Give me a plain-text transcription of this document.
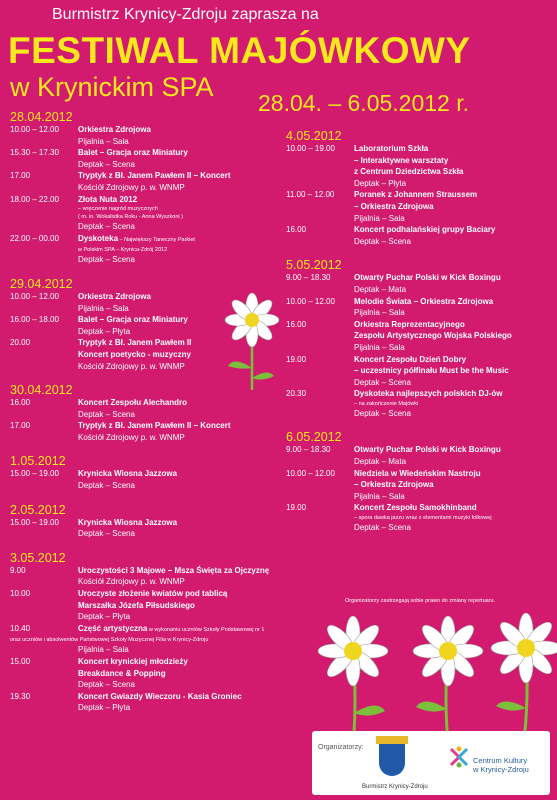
Burmistrz Krynicy-Zdroju zaprasza na
FESTIWAL MAJÓWKOWY
w Krynickim SPA
28.04. – 6.05.2012 r.
28.04.2012
10.00 – 12.00	Orkiestra Zdrojowa
Pijalnia – Sala
15.30 – 17.30	Balet – Gracja oraz Miniatury
Deptak – Scena
17.00	Tryptyk z Bł. Janem Pawłem II – Koncert
Kościół Zdrojowy p. w. WNMP
18.00 – 22.00	Złota Nuta 2012
– wręczenie nagród muzycznych
( m. in. Wokalistka Roku - Anna Wyszkoni )
Deptak – Scena
22.00 – 00.00	Dyskoteka – Największy Taneczny Parkiet
w Polskim SPA – Krynica-Zdrój 2012
Deptak – Scena
29.04.2012
10.00 – 12.00	Orkiestra Zdrojowa
Pijalnia – Sala
16.00 – 18.00	Balet – Gracja oraz Miniatury
Deptak – Płyta
20.00	Tryptyk z Bł. Janem Pawłem II
Koncert poetycko - muzyczny
Kościół Zdrojowy p. w. WNMP
30.04.2012
16.00	Koncert Zespołu Alechandro
Deptak – Scena
17.00	Tryptyk z Bł. Janem Pawłem II – Koncert
Kościół Zdrojowy p. w. WNMP
1.05.2012
15.00 – 19.00	Krynicka Wiosna Jazzowa
Deptak – Scena
2.05.2012
15.00 – 19.00	Krynicka Wiosna Jazzowa
Deptak – Scena
3.05.2012
9.00	Uroczystości 3 Majowe – Msza Święta za Ojczyznę
Kościół Zdrojowy p. w. WNMP
10.00	Uroczyste złożenie kwiatów pod tablicą
Marszałka Józefa Piłsudskiego
Deptak – Płyta
10.40	Część artystyczna w wykonaniu uczniów Szkoły Podstawowej nr 1
oraz uczniów i absolwentów Państwowej Szkoły Muzycznej Filia w Krynicy-Zdroju
Pijalnia – Sala
15.00	Koncert krynickiej młodzieży
Breakdance & Popping
Deptak – Scena
19.30	Koncert Gwiazdy Wieczoru - Kasia Groniec
Deptak – Płyta
4.05.2012
10.00 – 19.00	Laboratorium Szkła
– Interaktywne warsztaty
z Centrum Dziedzictwa Szkła
Deptak – Płyta
11.00 – 12.00	Poranek z Johannem Straussem
– Orkiestra Zdrojowa
Pijalnia – Sala
16.00	Koncert podhalańskiej grupy Baciary
Deptak – Scena
5.05.2012
9.00 – 18.30	Otwarty Puchar Polski w Kick Boxingu
Deptak – Mata
10.00 – 12.00	Melodie Świata – Orkiestra Zdrojowa
Pijalnia – Sala
16.00	Orkiestra Reprezentacyjnego
Zespołu Artystycznego Wojska Polskiego
Pijalnia – Sala
19.00	Koncert Zespołu Dzień Dobry
– uczestnicy półfinału Must be the Music
Deptak – Scena
20.30	Dyskoteka najlepszych polskich DJ-ów
– na zakończenie Majówki
Deptak – Scena
6.05.2012
9.00 – 18.30	Otwarty Puchar Polski w Kick Boxingu
Deptak – Mata
10.00 – 12.00	Niedziela w Wiedeńskim Nastroju
– Orkiestra Zdrojowa
Pijalnia – Sala
19.00	Koncert Zespołu Samokhinband
– spora dawka jazzu wraz z elementami muzyki folkowej
Deptak – Scena
Organizatorzy zastrzegają sobie prawo do zmiany repertuaru.
Organizatorzy:
Burmistrz Krynicy-Zdroju
Centrum Kultury
w Krynicy-Zdroju
